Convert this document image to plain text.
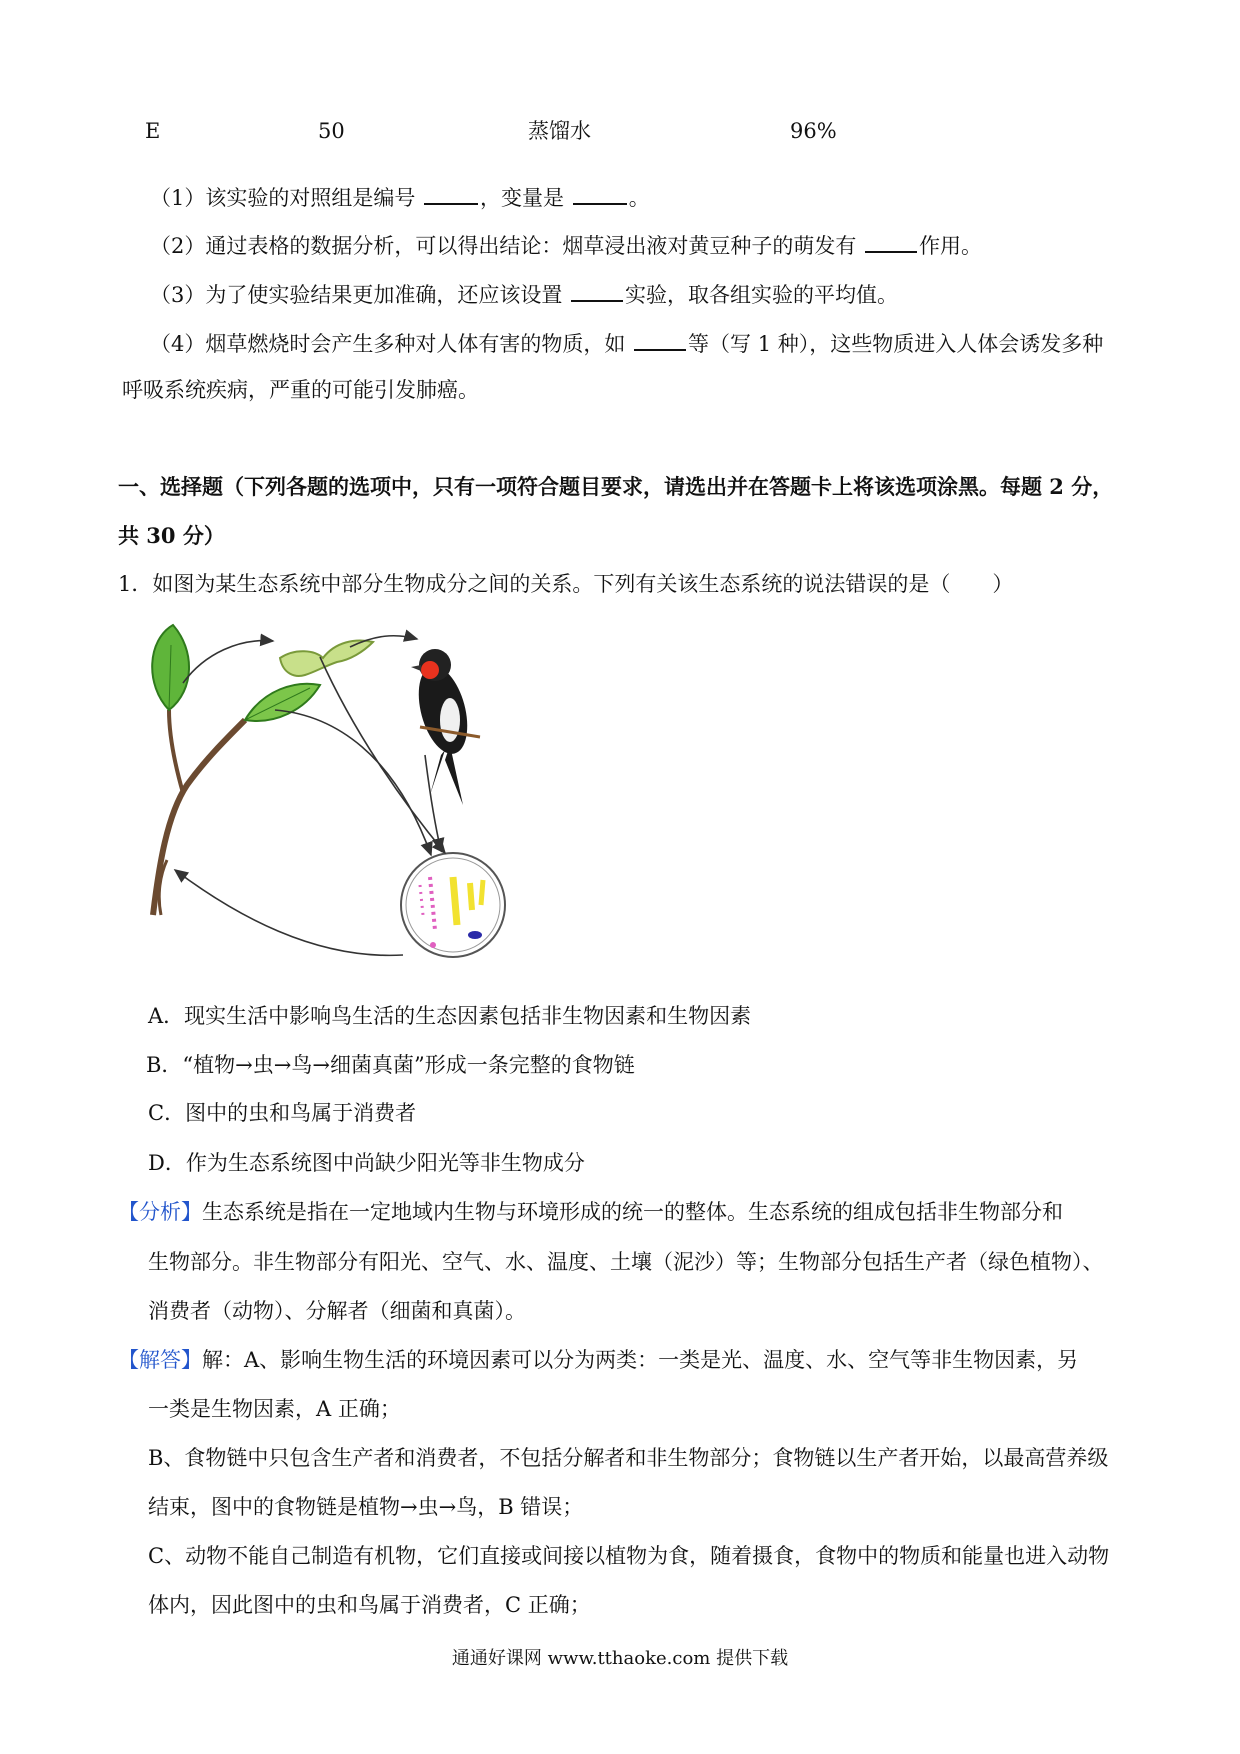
E	50	蒸馏水	96%
（1）该实验的对照组是编号	，变量是	。
（2）通过表格的数据分析，可以得出结论：烟草浸出液对黄豆种子的萌发有	作用。
（3）为了使实验结果更加准确，还应该设置	实验，取各组实验的平均值。
（4）烟草燃烧时会产生多种对人体有害的物质，如	等（写 1 种），这些物质进入人体会诱发多种
呼吸系统疾病，严重的可能引发肺癌。
一、选择题（下列各题的选项中，只有一项符合题目要求，请选出并在答题卡上将该选项涂黑。每题 2 分，
共 30 分）
1．如图为某生态系统中部分生物成分之间的关系。下列有关该生态系统的说法错误的是（　　）
A．现实生活中影响鸟生活的生态因素包括非生物因素和生物因素
B．“植物→虫→鸟→细菌真菌”形成一条完整的食物链
C．图中的虫和鸟属于消费者
D．作为生态系统图中尚缺少阳光等非生物成分
【分析】生态系统是指在一定地域内生物与环境形成的统一的整体。生态系统的组成包括非生物部分和
生物部分。非生物部分有阳光、空气、水、温度、土壤（泥沙）等；生物部分包括生产者（绿色植物）、
消费者（动物）、分解者（细菌和真菌）。
【解答】解：A、影响生物生活的环境因素可以分为两类：一类是光、温度、水、空气等非生物因素，另
一类是生物因素，A 正确；
B、食物链中只包含生产者和消费者，不包括分解者和非生物部分；食物链以生产者开始，以最高营养级
结束，图中的食物链是植物→虫→鸟，B 错误；
C、动物不能自己制造有机物，它们直接或间接以植物为食，随着摄食，食物中的物质和能量也进入动物
体内，因此图中的虫和鸟属于消费者，C 正确；
通通好课网 www.tthaoke.com 提供下载
